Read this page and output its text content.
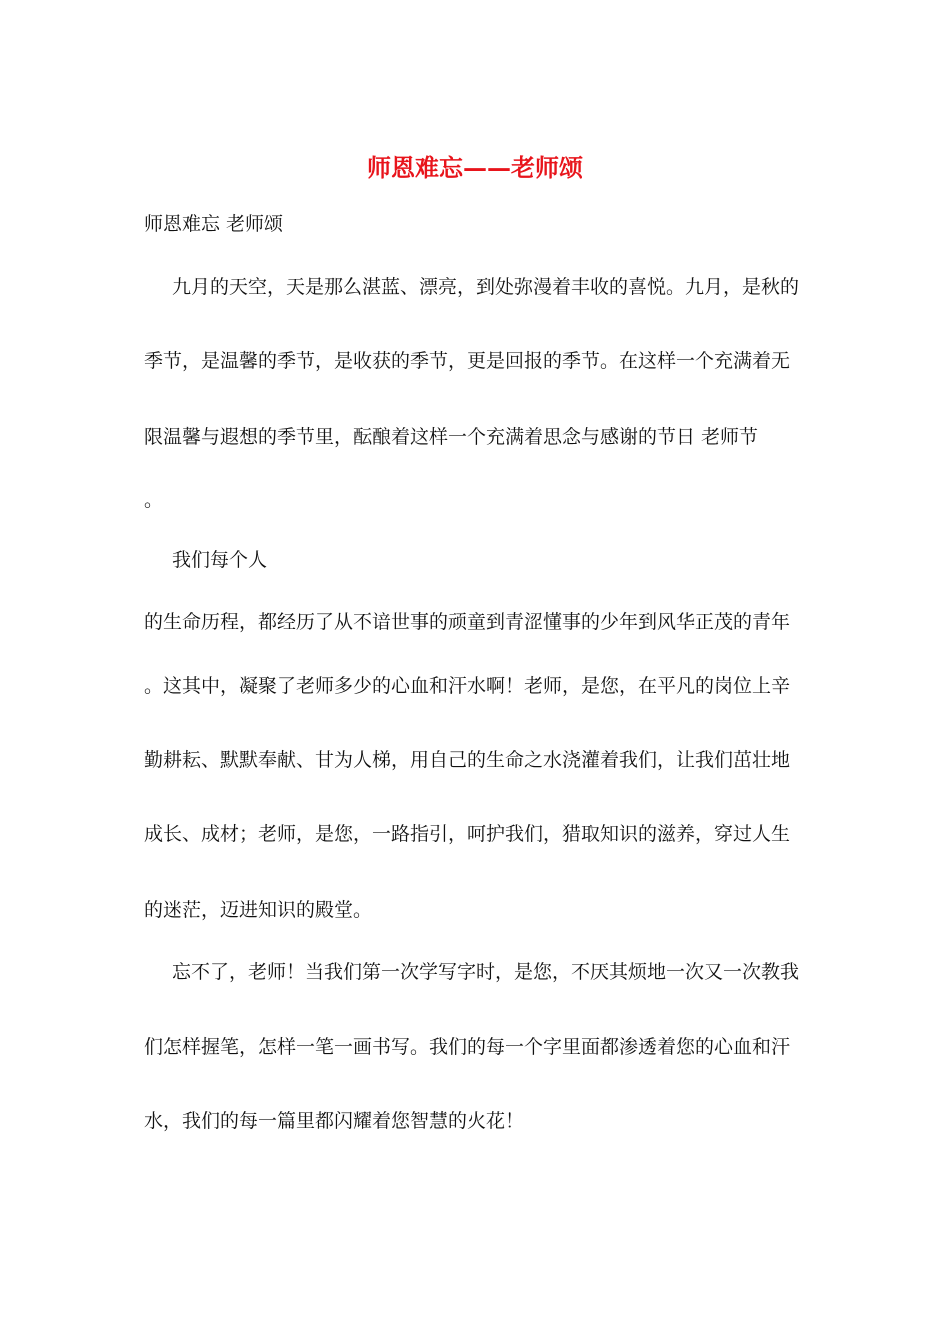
师恩难忘——老师颂
师恩难忘 老师颂
九月的天空，天是那么湛蓝、漂亮，到处弥漫着丰收的喜悦。九月，是秋的
季节，是温馨的季节，是收获的季节，更是回报的季节。在这样一个充满着无
限温馨与遐想的季节里，酝酿着这样一个充满着思念与感谢的节日 老师节
。
我们每个人
的生命历程，都经历了从不谙世事的顽童到青涩懂事的少年到风华正茂的青年
。这其中，凝聚了老师多少的心血和汗水啊！老师，是您，在平凡的岗位上辛
勤耕耘、默默奉献、甘为人梯，用自己的生命之水浇灌着我们，让我们茁壮地
成长、成材；老师，是您，一路指引，呵护我们，猎取知识的滋养，穿过人生
的迷茫，迈进知识的殿堂。
忘不了，老师！当我们第一次学写字时，是您，不厌其烦地一次又一次教我
们怎样握笔，怎样一笔一画书写。我们的每一个字里面都渗透着您的心血和汗
水，我们的每一篇里都闪耀着您智慧的火花！
